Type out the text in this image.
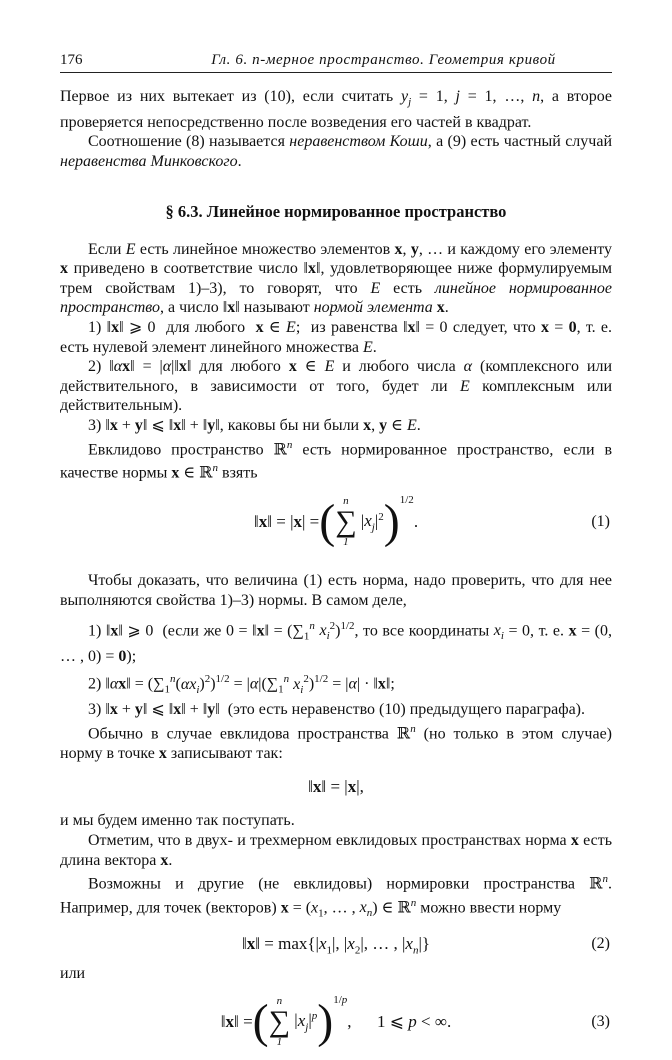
176	Гл. 6. n-мерное пространство. Геометрия кривой

Первое из них вытекает из (10), если считать $y_j = 1$, j = 1, …, n, а второе проверяется непосредственно после возведения его частей в квадрат.

Соотношение (8) называется неравенством Коши, а (9) есть частный случай неравенства Минковского.

§ 6.3. Линейное нормированное пространство

Если E есть линейное множество элементов x, y, … и каждому его элементу x приведено в соответствие число ‖x‖, удовлетворяющее ниже формулируемым трем свойствам 1)–3), то говорят, что E есть линейное нормированное пространство, а число ‖x‖ называют нормой элемента x.

1) ‖x‖ ⩾ 0  для любого  x ∈ E;  из равенства ‖x‖ = 0 следует, что x = 0, т. е. есть нулевой элемент линейного множества E.

2) ‖αx‖ = |α|‖x‖ для любого x ∈ E и любого числа α (комплексного или действительного, в зависимости от того, будет ли E комплексным или действительным).

3) ‖x + y‖ ⩽ ‖x‖ + ‖y‖, каковы бы ни были x, y ∈ E.

Евклидово пространство ℝ$^n$ есть нормированное пространство, если в качестве нормы x ∈ ℝ$^n$ взять

‖x‖ = |x| = ( n
∑
1
$|x_j|^2$ )$^{1/2}$
.	(1)

Чтобы доказать, что величина (1) есть норма, надо проверить, что для нее выполняются свойства 1)–3) нормы. В самом деле,

1) ‖x‖ ⩾ 0  (если же 0 = ‖x‖ = ($\sum_1^n$ $x_i^2)^{1/2}$, то все координаты $x_i = 0$, т. е. x = (0, … , 0) = 0);

2) ‖αx‖ = $(\sum_1^n(\alpha x_i)^2)^{1/2} = |\alpha|(\sum_1^n$ $x_i^2)^{1/2} = |\alpha|$ · ‖x‖;

3) ‖x + y‖ ⩽ ‖x‖ + ‖y‖  (это есть неравенство (10) предыдущего параграфа).

Обычно в случае евклидова пространства ℝ$^n$ (но только в этом случае) норму в точке x записывают так:

‖x‖ = |x|,

и мы будем именно так поступать.

Отметим, что в двух- и трехмерном евклидовых пространствах норма x есть длина вектора x.

Возможны и другие (не евклидовы) нормировки пространства ℝ$^n$. Например, для точек (векторов) $x = (x_1$, … , $x_n$) ∈ ℝ$^n$ можно ввести норму

‖x‖ = $\max\{|x_1|$, $|x_2|$, … , $|x_n|$}	(2)

или

‖x‖ = ( n
∑
1
$|x_j|^p$ )$^{1/p}$
,      1 ⩽ p < ∞.	(3)
